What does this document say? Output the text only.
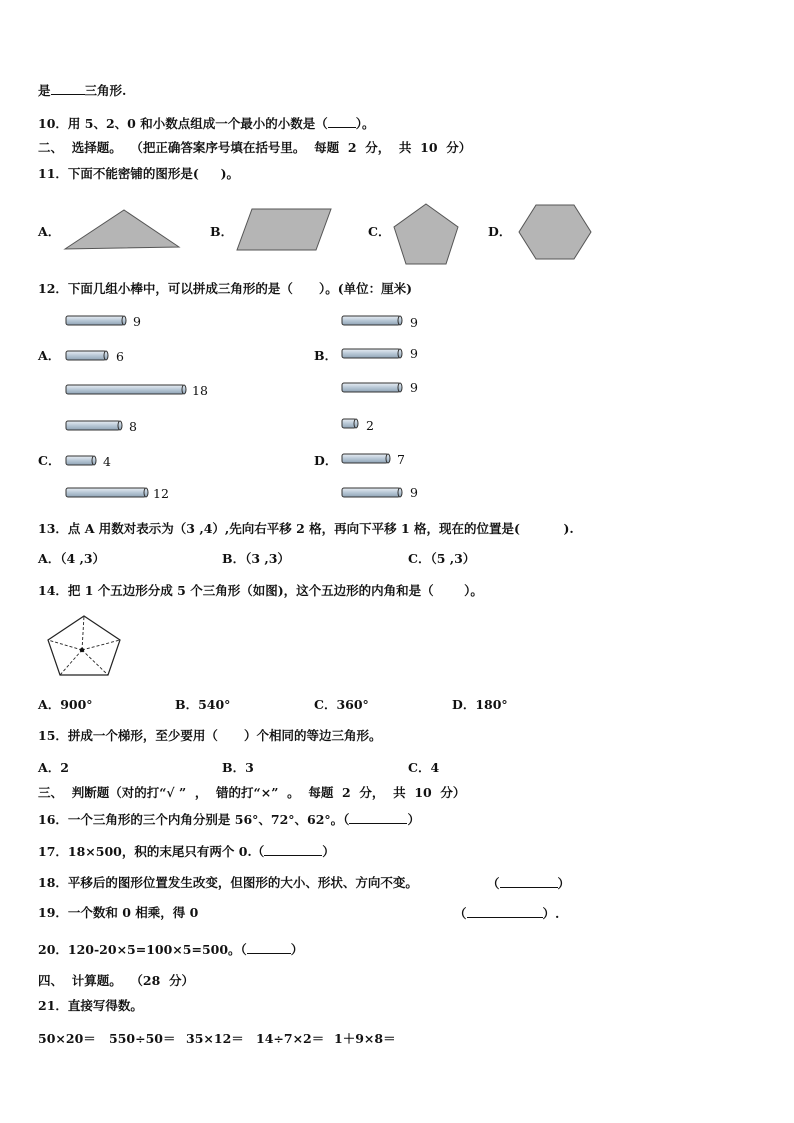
是	三角形.
10．用 5、2、0 和小数点组成一个最小的小数是（ ）。
二、  选择题。  （把正确答案序号填在括号里。  每题  2  分，  共  10  分）
11．下面不能密铺的图形是(     )。
A．	B．	C．	D．
12．下面几组小棒中，可以拼成三角形的是（      ）。(单位：厘米)
A．
9
6
18
B．
9
9
9
C．
8
4
12
D．
2
7
9
13．点 A 用数对表示为（3 ,4）,先向右平移 2 格，再向下平移 1 格，现在的位置是(          ).
A．（4 ,3）	B．（3 ,3）	C．（5 ,3）
14．把 1 个五边形分成 5 个三角形（如图)，这个五边形的内角和是（       ）。
A．900°	B．540°	C．360°	D．180°
15．拼成一个梯形，至少要用（      ）个相同的等边三角形。
A．2	B．3	C．4
三、  判断题（对的打“√ ”  ，  错的打“×”  。  每题  2  分，  共  10  分）
16．一个三角形的三个内角分别是 56°、72°、62°。（	）
17．18×500，积的末尾只有两个 0.（	）
18．平移后的图形位置发生改变，但图形的大小、形状、方向不变。	（	）
19．一个数和 0 相乘，得 0	（	）.
20．120-20×5=100×5=500。（	）
四、  计算题。  （28  分）
21．直接写得数。
50×20＝ 550÷50＝ 35×12＝ 14÷7×2＝ 1＋9×8＝
